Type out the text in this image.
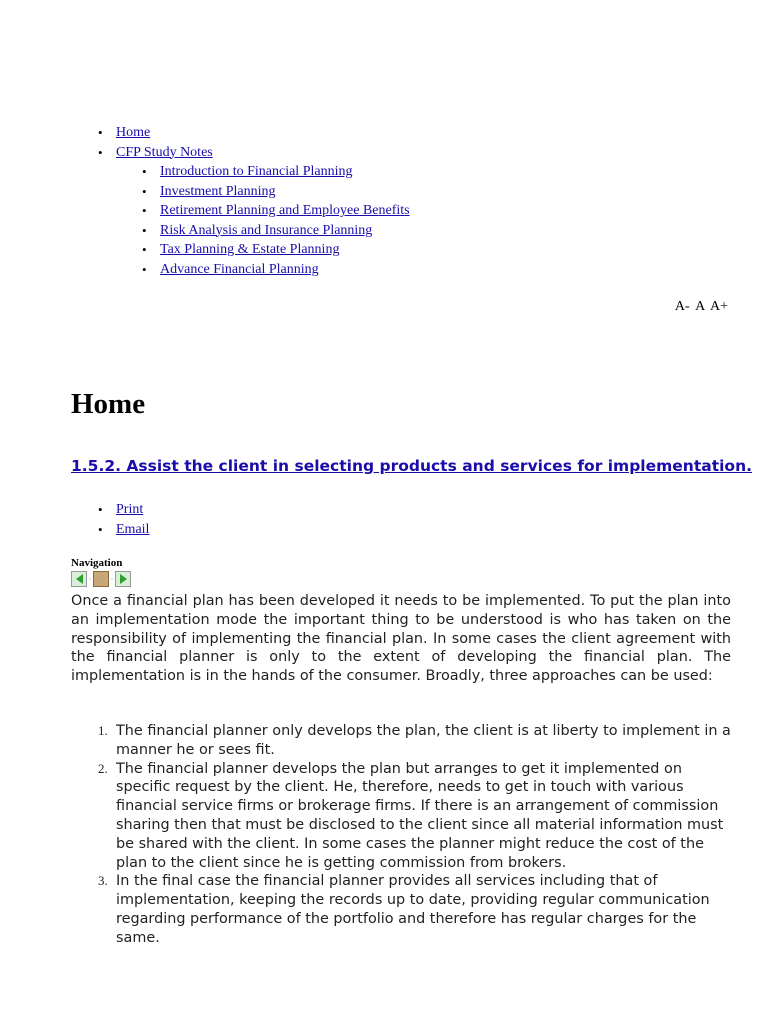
• Home
• CFP Study Notes
• Introduction to Financial Planning
• Investment Planning
• Retirement Planning and Employee Benefits
• Risk Analysis and Insurance Planning
• Tax Planning & Estate Planning
• Advance Financial Planning
A- A A+
Home
1.5.2. Assist the client in selecting products and services for implementation.
• Print
• Email
Navigation
· ·

Once a financial plan has been developed it needs to be implemented. To put the plan into an implementation mode the important thing to be understood is who has taken on the responsibility of implementing the financial plan. In some cases the client agreement with the financial planner is only to the extent of developing the financial plan. The implementation is in the hands of the consumer. Broadly, three approaches can be used:

1. The financial planner only develops the plan, the client is at liberty to implement in a manner he or sees fit.
2. The financial planner develops the plan but arranges to get it implemented on specific request by the client. He, therefore, needs to get in touch with various financial service firms or brokerage firms. If there is an arrangement of commission sharing then that must be disclosed to the client since all material information must be shared with the client. In some cases the planner might reduce the cost of the plan to the client since he is getting commission from brokers.
3. In the final case the financial planner provides all services including that of implementation, keeping the records up to date, providing regular communication regarding performance of the portfolio and therefore has regular charges for the same.
